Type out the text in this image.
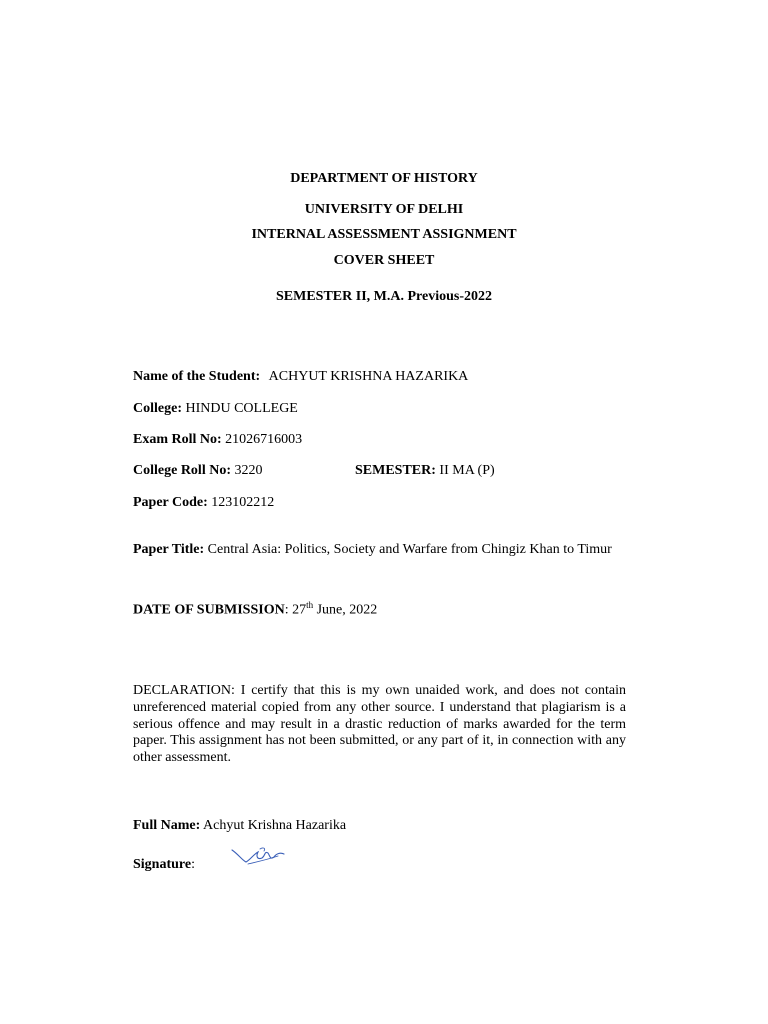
DEPARTMENT OF HISTORY
UNIVERSITY OF DELHI
INTERNAL ASSESSMENT ASSIGNMENT
COVER SHEET
SEMESTER II, M.A. Previous-2022
Name of the Student: ACHYUT KRISHNA HAZARIKA
College: HINDU COLLEGE
Exam Roll No: 21026716003
College Roll No: 3220	SEMESTER: II MA (P)
Paper Code: 123102212
Paper Title: Central Asia: Politics, Society and Warfare from Chingiz Khan to Timur
DATE OF SUBMISSION: 27th June, 2022
DECLARATION: I certify that this is my own unaided work, and does not contain unreferenced material copied from any other source. I understand that plagiarism is a serious offence and may result in a drastic reduction of marks awarded for the term paper. This assignment has not been submitted, or any part of it, in connection with any other assessment.
Full Name: Achyut Krishna Hazarika
Signature:
